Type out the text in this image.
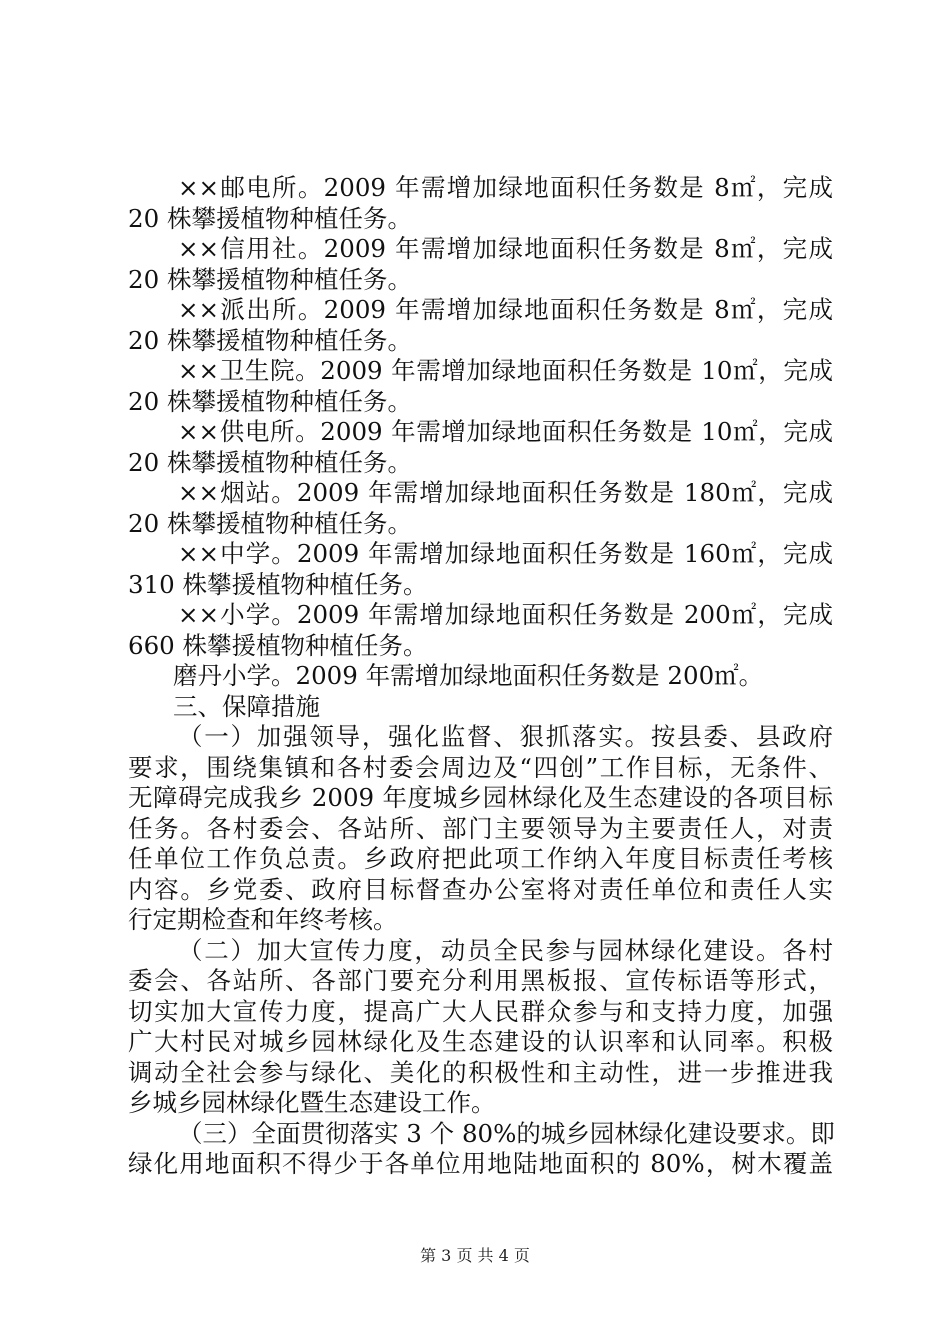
××邮电所。2009 年需增加绿地面积任务数是 8㎡，完成
20 株攀援植物种植任务。
××信用社。2009 年需增加绿地面积任务数是 8㎡，完成
20 株攀援植物种植任务。
××派出所。2009 年需增加绿地面积任务数是 8㎡，完成
20 株攀援植物种植任务。
××卫生院。2009 年需增加绿地面积任务数是 10㎡，完成
20 株攀援植物种植任务。
××供电所。2009 年需增加绿地面积任务数是 10㎡，完成
20 株攀援植物种植任务。
××烟站。2009 年需增加绿地面积任务数是 180㎡，完成
20 株攀援植物种植任务。
××中学。2009 年需增加绿地面积任务数是 160㎡，完成
310 株攀援植物种植任务。
××小学。2009 年需增加绿地面积任务数是 200㎡，完成
660 株攀援植物种植任务。
磨丹小学。2009 年需增加绿地面积任务数是 200㎡。
三、保障措施
（一）加强领导，强化监督、狠抓落实。按县委、县政府
要求，围绕集镇和各村委会周边及“四创”工作目标，无条件、
无障碍完成我乡 2009 年度城乡园林绿化及生态建设的各项目标
任务。各村委会、各站所、部门主要领导为主要责任人，对责
任单位工作负总责。乡政府把此项工作纳入年度目标责任考核
内容。乡党委、政府目标督查办公室将对责任单位和责任人实
行定期检查和年终考核。
（二）加大宣传力度，动员全民参与园林绿化建设。各村
委会、各站所、各部门要充分利用黑板报、宣传标语等形式，
切实加大宣传力度，提高广大人民群众参与和支持力度，加强
广大村民对城乡园林绿化及生态建设的认识率和认同率。积极
调动全社会参与绿化、美化的积极性和主动性，进一步推进我
乡城乡园林绿化暨生态建设工作。
（三）全面贯彻落实 3 个 80%的城乡园林绿化建设要求。即
绿化用地面积不得少于各单位用地陆地面积的 80%，树木覆盖
第 3 页 共 4 页
